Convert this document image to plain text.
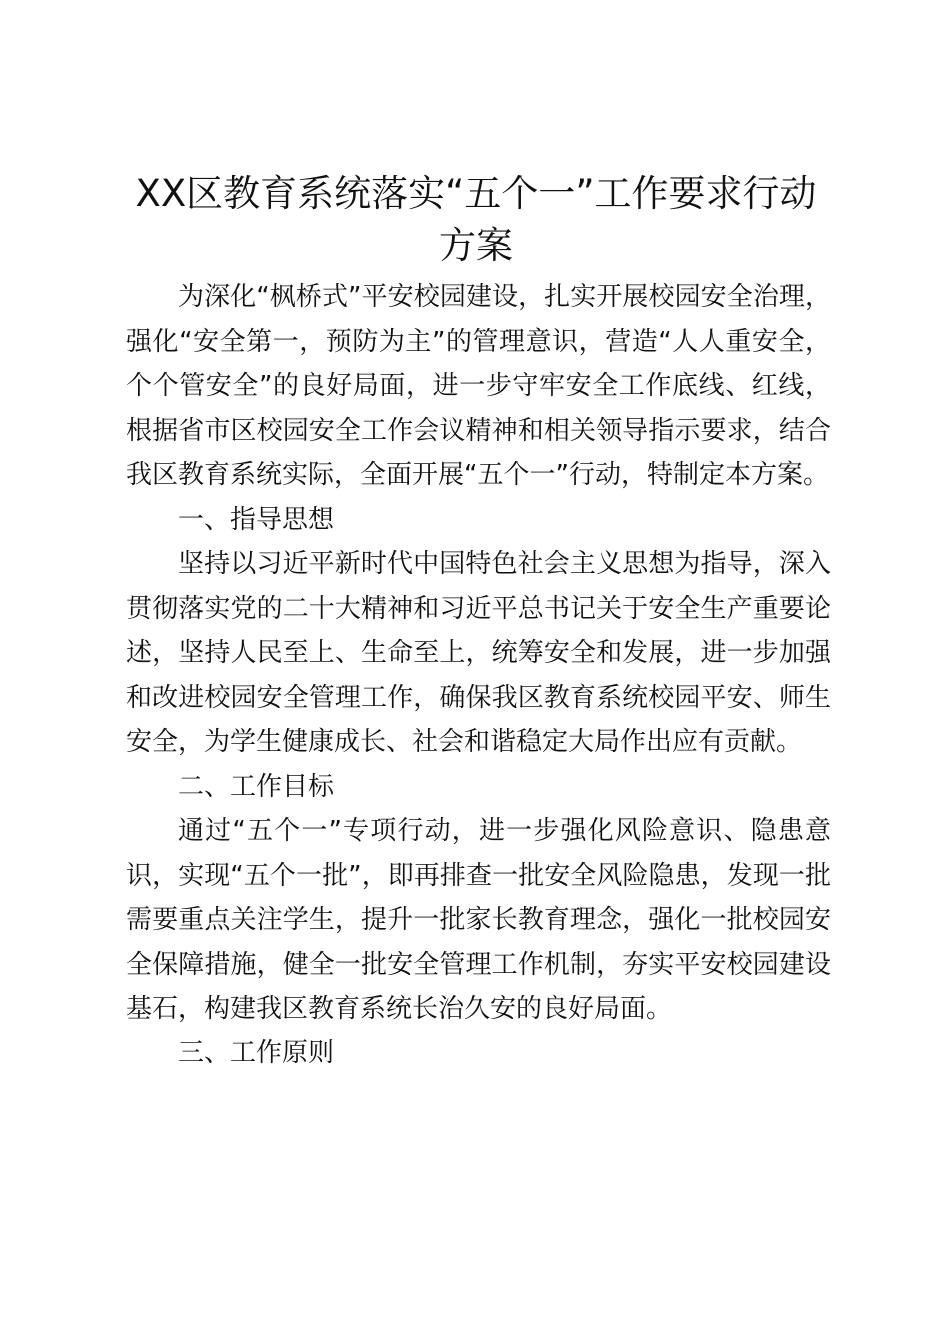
XX区教育系统落实“五个一”工作要求行动方案

为深化“枫桥式”平安校园建设，扎实开展校园安全治理，强化“安全第一，预防为主”的管理意识，营造“人人重安全，个个管安全”的良好局面，进一步守牢安全工作底线、红线，根据省市区校园安全工作会议精神和相关领导指示要求，结合我区教育系统实际，全面开展“五个一”行动，特制定本方案。

一、指导思想

坚持以习近平新时代中国特色社会主义思想为指导，深入贯彻落实党的二十大精神和习近平总书记关于安全生产重要论述，坚持人民至上、生命至上，统筹安全和发展，进一步加强和改进校园安全管理工作，确保我区教育系统校园平安、师生安全，为学生健康成长、社会和谐稳定大局作出应有贡献。

二、工作目标

通过“五个一”专项行动，进一步强化风险意识、隐患意识，实现“五个一批”，即再排查一批安全风险隐患，发现一批需要重点关注学生，提升一批家长教育理念，强化一批校园安全保障措施，健全一批安全管理工作机制，夯实平安校园建设基石，构建我区教育系统长治久安的良好局面。

三、工作原则
